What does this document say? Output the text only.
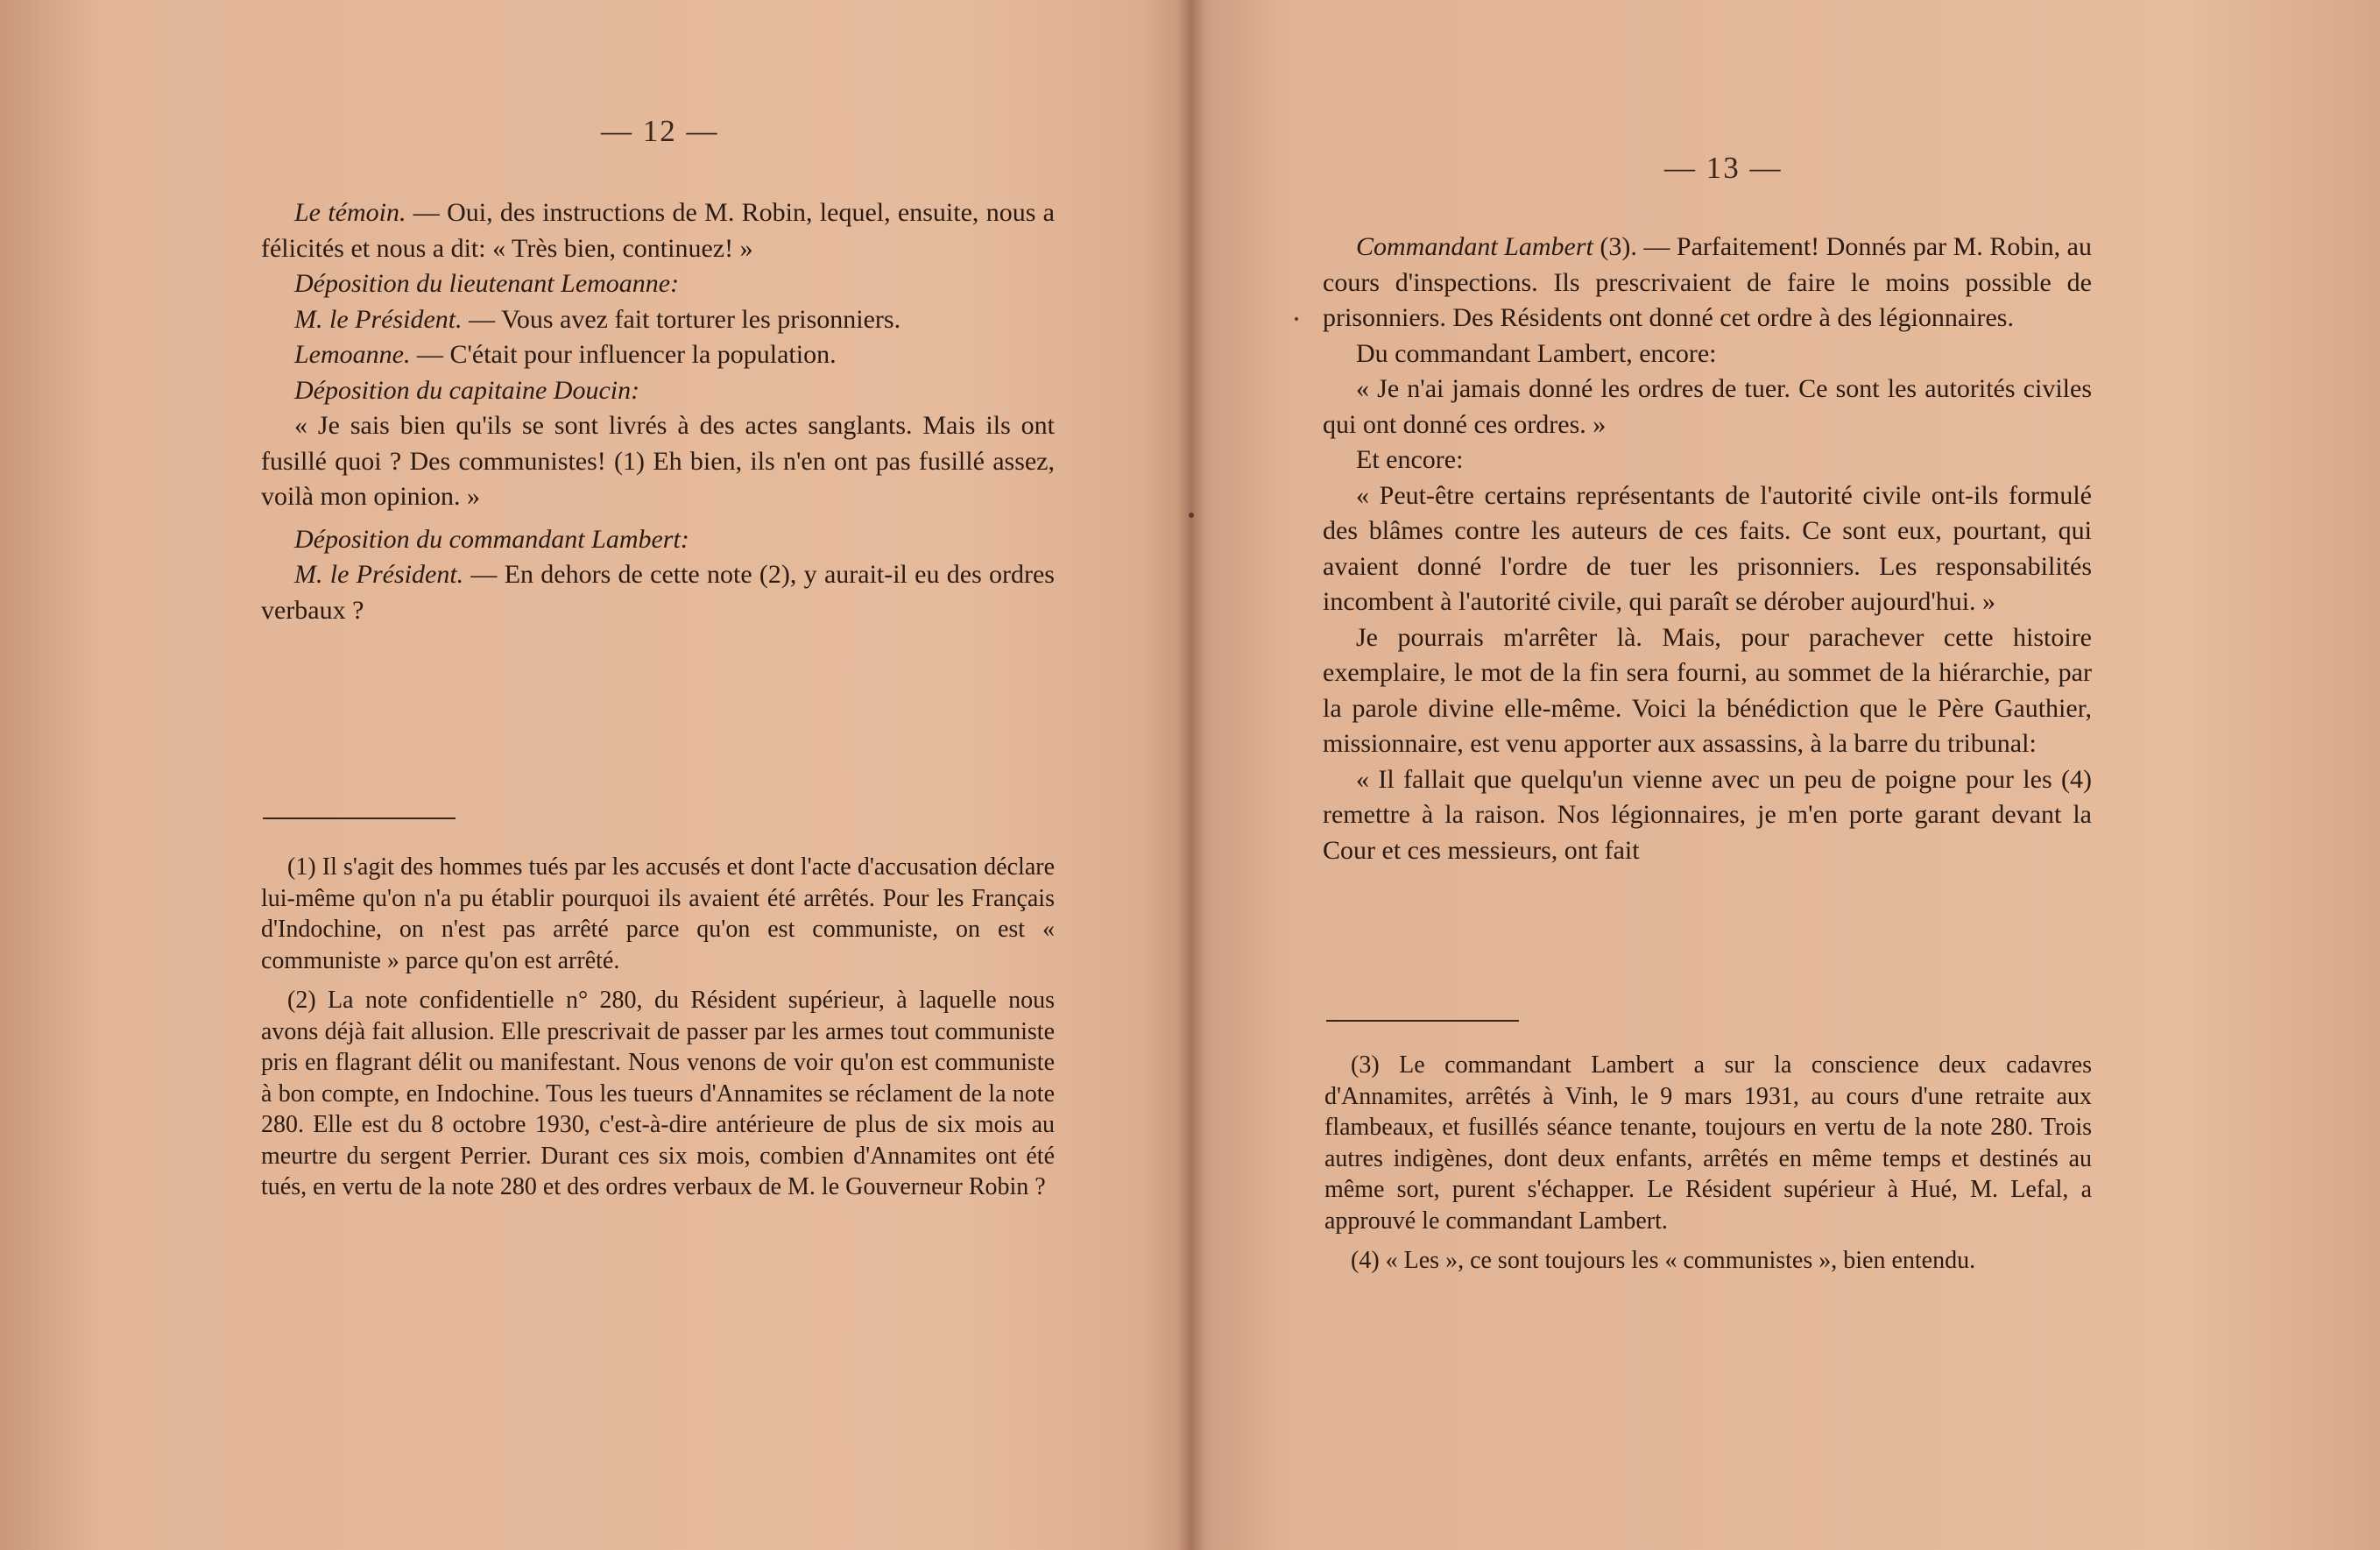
— 12 —

Le témoin. — Oui, des instructions de M. Robin, lequel, ensuite, nous a félicités et nous a dit: « Très bien, continuez! »

Déposition du lieutenant Lemoanne:

M. le Président. — Vous avez fait torturer les prisonniers.

Lemoanne. — C'était pour influencer la population.

Déposition du capitaine Doucin:

« Je sais bien qu'ils se sont livrés à des actes sanglants. Mais ils ont fusillé quoi ? Des communistes! (1) Eh bien, ils n'en ont pas fusillé assez, voilà mon opinion. »

Déposition du commandant Lambert:

M. le Président. — En dehors de cette note (2), y aurait-il eu des ordres verbaux ?

(1) Il s'agit des hommes tués par les accusés et dont l'acte d'accusation déclare lui-même qu'on n'a pu établir pourquoi ils avaient été arrêtés. Pour les Français d'Indochine, on n'est pas arrêté parce qu'on est communiste, on est « communiste » parce qu'on est arrêté.

(2) La note confidentielle n° 280, du Résident supérieur, à laquelle nous avons déjà fait allusion. Elle prescrivait de passer par les armes tout communiste pris en flagrant délit ou manifestant. Nous venons de voir qu'on est communiste à bon compte, en Indochine. Tous les tueurs d'Annamites se réclament de la note 280. Elle est du 8 octobre 1930, c'est-à-dire antérieure de plus de six mois au meurtre du sergent Perrier. Durant ces six mois, combien d'Annamites ont été tués, en vertu de la note 280 et des ordres verbaux de M. le Gouverneur Robin ?

— 13 —

Commandant Lambert (3). — Parfaitement! Donnés par M. Robin, au cours d'inspections. Ils prescrivaient de faire le moins possible de prisonniers. Des Résidents ont donné cet ordre à des légionnaires.

Du commandant Lambert, encore:

« Je n'ai jamais donné les ordres de tuer. Ce sont les autorités civiles qui ont donné ces ordres. »

Et encore:

« Peut-être certains représentants de l'autorité civile ont-ils formulé des blâmes contre les auteurs de ces faits. Ce sont eux, pourtant, qui avaient donné l'ordre de tuer les prisonniers. Les responsabilités incombent à l'autorité civile, qui paraît se dérober aujourd'hui. »

Je pourrais m'arrêter là. Mais, pour parachever cette histoire exemplaire, le mot de la fin sera fourni, au sommet de la hiérarchie, par la parole divine elle-même. Voici la bénédiction que le Père Gauthier, missionnaire, est venu apporter aux assassins, à la barre du tribunal:

« Il fallait que quelqu'un vienne avec un peu de poigne pour les (4) remettre à la raison. Nos légionnaires, je m'en porte garant devant la Cour et ces messieurs, ont fait

(3) Le commandant Lambert a sur la conscience deux cadavres d'Annamites, arrêtés à Vinh, le 9 mars 1931, au cours d'une retraite aux flambeaux, et fusillés séance tenante, toujours en vertu de la note 280. Trois autres indigènes, dont deux enfants, arrêtés en même temps et destinés au même sort, purent s'échapper. Le Résident supérieur à Hué, M. Lefal, a approuvé le commandant Lambert.

(4) « Les », ce sont toujours les « communistes », bien entendu.
